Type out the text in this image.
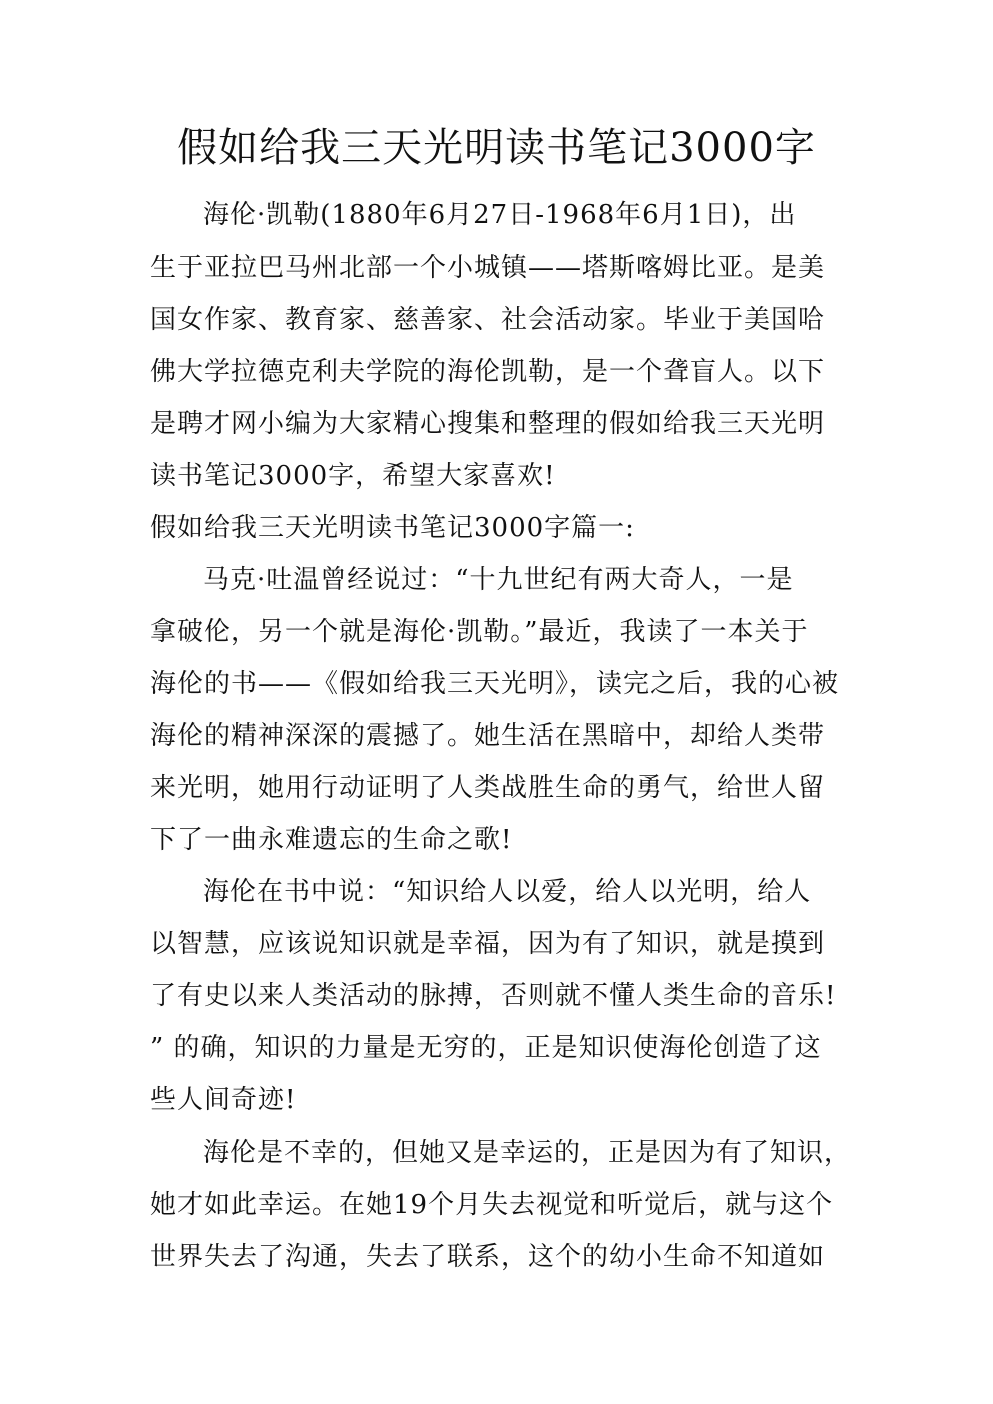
假如给我三天光明读书笔记3000字
海伦·凯勒(1880年6月27日-1968年6月1日)，出
生于亚拉巴马州北部一个小城镇——塔斯喀姆比亚。是美
国女作家、教育家、慈善家、社会活动家。毕业于美国哈
佛大学拉德克利夫学院的海伦凯勒，是一个聋盲人。以下
是聘才网小编为大家精心搜集和整理的假如给我三天光明
读书笔记3000字，希望大家喜欢!
假如给我三天光明读书笔记3000字篇一:
马克·吐温曾经说过：“十九世纪有两大奇人，一是
拿破伦，另一个就是海伦·凯勒。”最近，我读了一本关于
海伦的书——《假如给我三天光明》，读完之后，我的心被
海伦的精神深深的震撼了。她生活在黑暗中，却给人类带
来光明，她用行动证明了人类战胜生命的勇气，给世人留
下了一曲永难遗忘的生命之歌!
海伦在书中说：“知识给人以爱，给人以光明，给人
以智慧，应该说知识就是幸福，因为有了知识，就是摸到
了有史以来人类活动的脉搏，否则就不懂人类生命的音乐!
” 的确，知识的力量是无穷的，正是知识使海伦创造了这
些人间奇迹!
海伦是不幸的，但她又是幸运的，正是因为有了知识，
她才如此幸运。在她19个月失去视觉和听觉后，就与这个
世界失去了沟通，失去了联系，这个的幼小生命不知道如
